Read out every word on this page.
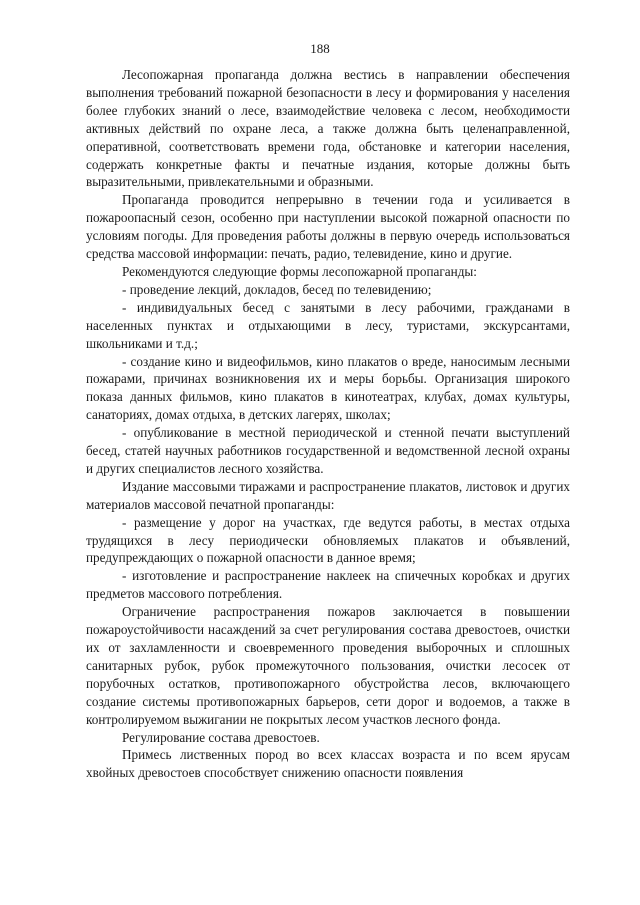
188

Лесопожарная пропаганда должна вестись в направлении обеспечения выполнения требований пожарной безопасности в лесу и формирования у населения более глубоких знаний о лесе, взаимодействие человека с лесом, необходимости активных действий по охране леса, а также должна быть целенаправленной, оперативной, соответствовать времени года, обстановке и категории населения, содержать конкретные факты и печатные издания, которые должны быть выразительными, привлекательными и образными.

Пропаганда проводится непрерывно в течении года и усиливается в пожароопасный сезон, особенно при наступлении высокой пожарной опасности по условиям погоды. Для проведения работы должны в первую очередь использоваться средства массовой информации: печать, радио, телевидение, кино и другие.

Рекомендуются следующие формы лесопожарной пропаганды:

- проведение лекций, докладов, бесед по телевидению;

- индивидуальных бесед с занятыми в лесу рабочими, гражданами в населенных пунктах и отдыхающими в лесу, туристами, экскурсантами, школьниками и т.д.;

- создание кино и видеофильмов, кино плакатов о вреде, наносимым лесными пожарами, причинах возникновения их и меры борьбы. Организация широкого показа данных фильмов, кино плакатов в кинотеатрах, клубах, домах культуры, санаториях, домах отдыха, в детских лагерях, школах;

- опубликование в местной периодической и стенной печати выступлений бесед, статей научных работников государственной и ведомственной лесной охраны и других специалистов лесного хозяйства.

Издание массовыми тиражами и распространение плакатов, листовок и других материалов массовой печатной пропаганды:

- размещение у дорог на участках, где ведутся работы, в местах отдыха трудящихся в лесу периодически обновляемых плакатов и объявлений, предупреждающих о пожарной опасности в данное время;

- изготовление и распространение наклеек на спичечных коробках и других предметов массового потребления.

Ограничение распространения пожаров заключается в повышении пожароустойчивости насаждений за счет регулирования состава древостоев, очистки их от захламленности и своевременного проведения выборочных и сплошных санитарных рубок, рубок промежуточного пользования, очистки лесосек от порубочных остатков, противопожарного обустройства лесов, включающего создание системы противопожарных барьеров, сети дорог и водоемов, а также в контролируемом выжигании не покрытых лесом участков лесного фонда.

Регулирование состава древостоев.

Примесь лиственных пород во всех классах возраста и по всем ярусам хвойных древостоев способствует снижению опасности появления
